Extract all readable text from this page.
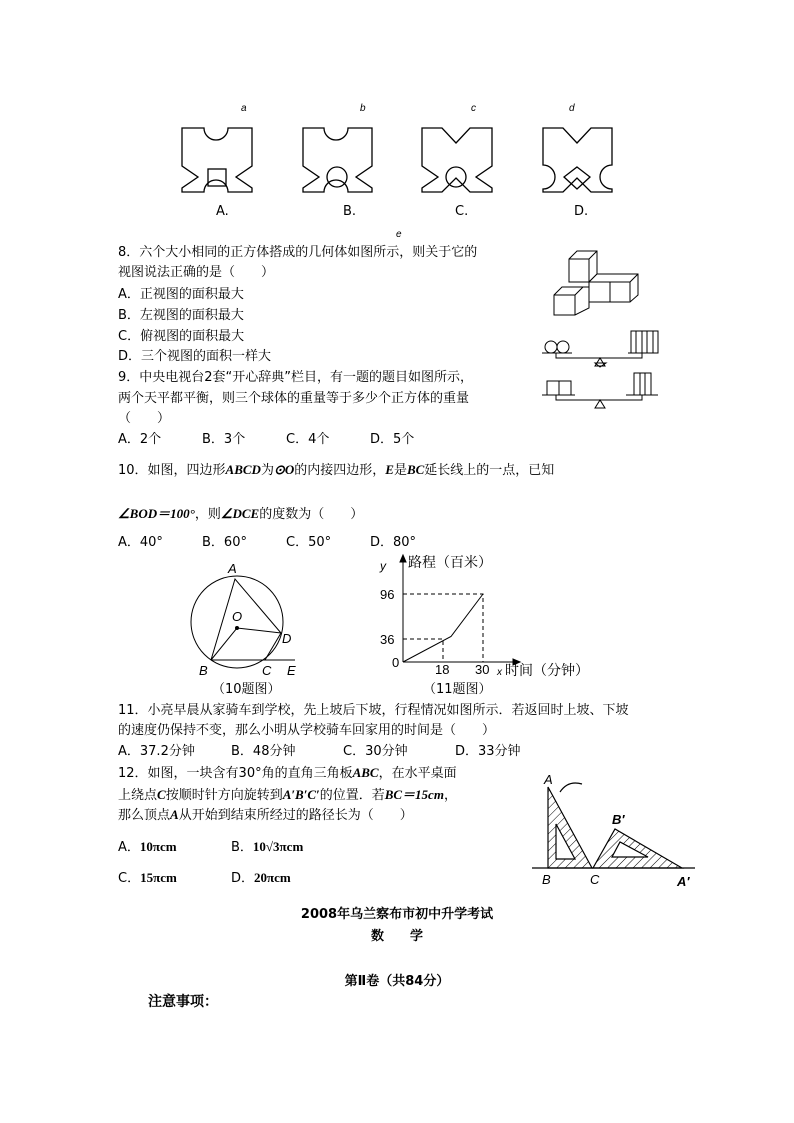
a	b	c	d
A.	B.	C.	D.
e
8．六个大小相同的正方体搭成的几何体如图所示，则关于它的
视图说法正确的是（　　）
A．正视图的面积最大
B．左视图的面积最大
C．俯视图的面积最大
D．三个视图的面积一样大
9．中央电视台2套“开心辞典”栏目，有一题的题目如图所示，
两个天平都平衡，则三个球体的重量等于多少个正方体的重量
（　　）
A．2个	B．3个	C．4个	D．5个
10．如图，四边形ABCD为⊙O的内接四边形，E是BC延长线上的一点，已知
∠BOD＝100°，则∠DCE的度数为（　　）
A．40°	B．60°	C．50°	D．80°
A
O
D
B	C E
（10题图）
y 路程（百米）
96
36
0	18 30 x 时间（分钟）
（11题图）
11．小亮早晨从家骑车到学校，先上坡后下坡，行程情况如图所示．若返回时上坡、下坡
的速度仍保持不变，那么小明从学校骑车回家用的时间是（　　）
A．37.2分钟	B．48分钟	C．30分钟	D．33分钟
12．如图，一块含有30°角的直角三角板ABC，在水平桌面
上绕点C按顺时针方向旋转到A′B′C′的位置．若BC＝15cm，
那么顶点A从开始到结束所经过的路径长为（　　）
A．10πcm	B．10√3πcm
C．15πcm	D．20πcm
A
B	C
B′
A′
2008年乌兰察布市初中升学考试
数　　学
第Ⅱ卷（共84分）
注意事项：
